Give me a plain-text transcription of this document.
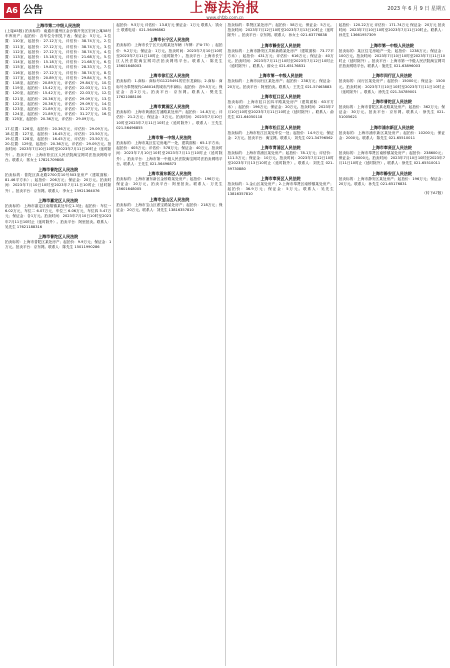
A6 公告	上海法治报
www.shfzb.com.cn
2023 年 6 月 9 日 星期五
上海市第二中级人民法院

(上接A5版) 拍卖标的：南通市通州区金沙镇开发区宏河公寓58号车库房产；起拍价：各车位分别见下表；保证金：5万元。1.位置：110室，起拍价：27.12万元，评估价：38.74万元。2.位置：111室，起拍价：27.12万元，评估价：38.74万元。3.位置：112室，起拍价：27.12万元，评估价：38.74万元。4.位置：113室，起拍价：15.18万元，评估价：21.68万元。5.位置：114室，起拍价：15.18万元，评估价：21.68万元。6.位置：115室，起拍价：19.83万元，评估价：28.33万元。7.位置：116室，起拍价：27.12万元，评估价：38.74万元。8.位置：117室，起拍价：20.89万元，评估价：29.84万元。9.位置：118室，起拍价：20.89万元，评估价：29.84万元。10.位置：119室，起拍价：15.42万元，评估价：22.03万元。11.位置：120室，起拍价：15.42万元，评估价：22.03万元。12.位置：121室，起拍价：20.36万元，评估价：29.09万元。13.位置：122室，起拍价：20.36万元，评估价：29.09万元。14.位置：123室，起拍价：21.89万元，评估价：31.27万元。15.位置：124室，起拍价：21.89万元，评估价：31.27万元。16.位置：125室，起拍价：20.36万元，评估价：29.09万元。

17.位置：126室，起拍价：20.36万元，评估价：29.09万元。18.位置：127室，起拍价：16.45万元，评估价：23.50万元。19.位置：128室，起拍价：16.45万元，评估价：23.50万元。20.位置：129室，起拍价：20.36万元，评估价：29.09万元。拍卖时间：2023年7月10日10时至2023年7月11日10时止（延时除外）。拍卖平台：上海市松江区人民法院淘宝网司法拍卖网络平台。联系人：郭女士 17821709808

上海市普陀区人民法院

拍卖标的：普陀区真北路2700弄10号503室房产（建筑面积：81.46平方米）；起拍价：206万元；保证金：20万元。拍卖时间：2023年7月10日10时至2023年7月11日10时止（延时除外）。拍卖平台：京东网。联系人：李女士 15921364076

上海市嘉定区人民法院

拍卖标的：上海市嘉定区南翔镇某处车位1.3处；起拍价：车位一 6.02万元，车位二 6.07万元，车位三 6.06万元，车位四 5.47万元；保证金：各1万元。拍卖时间：2023年7月10日10时至2023年7月11日10时止（延时除外）。拍卖平台：阿里拍卖。联系人：吴先生 17621188316

上海市普陀区人民法院

拍卖标的：上海市普陀区某处房产；起拍价：9.9万元；保证金：1万元。拍卖平台：京东网。联系人：陈先生 15011990286

起拍价：9.5万元 评估价：13.8万元 保证金：1万元 联系人：钱女士 联系电话：021-56496862

上海市长宁区人民法院

拍卖标的：上海市长宁区天山路某处车辆（车牌：沪A·75）；起拍价：9.2万元；保证金：1万元。拍卖时间：2023年7月10日10时至2023年7月11日10时止（延时除外）。拍卖平台：上海市长宁区人民法院淘宝网司法拍卖网络平台。联系人：陈先生 15601648003

上海市徐汇区人民法院

拍卖标的：1.商标：商标号G1225491的宏东龙商标；2.商标：商标号为奉贤现代CA6014的城市汽车商标；起拍价：各9.5万元；保证金：各2万元。拍卖平台：京东网。联系人：樊先生 17621088106

上海市黄浦区人民法院

拍卖标的：上海市黄浦区打浦路某处房产；起拍价：14.8万元；评估价：21.2万元；保证金：3万元。拍卖时间：2023年7月10日10时至2023年7月11日10时止（延时除外）。联系人：王先生 021-56496855

上海市第一中级人民法院

拍卖标的：上海市某区住宅房地产一处，建筑面积：65.1平方米；起拍价：405万元；评估价：578万元；保证金：40万元。拍卖时间：2023年7月10日10时至2023年7月11日10时止（延时除外）。拍卖平台：上海市第一中级人民法院淘宝网司法拍卖网络平台。联系人：王先生 021-56496873

上海市浦东新区人民法院

拍卖标的：上海市浦东新区金桥路某处房产；起拍价：196万元；保证金：20万元。拍卖平台：阿里拍卖。联系人：万先生 15601648005

上海市宝山区人民法院

拍卖标的：上海市宝山区淞宝路某处房产；起拍价：218万元；保证金：20万元。联系人：刘先生 13816357810

拍卖标的：奉贤区某处房产；起拍价：58万元；保证金：5万元。拍卖时间：2023年7月12日10时至2023年7月13日10时止（延时除外）。拍卖平台：京东网。联系人：孙女士 021-63776838

上海市静安区人民法院

拍卖标的：上海市静安区共和新路某处房产（建筑面积：73.77平方米）；起拍价：431万元；评估价：616万元；保证金：40万元。拍卖时间：2023年7月11日10时至2023年7月12日10时止（延时除外）。联系人：薛女士 021-65176831

上海市第一中级人民法院

拍卖标的：上海市闵行区某处房产；起拍价：238万元；保证金：20万元。拍卖平台：阿里拍卖。联系人：王先生 021-57463883

上海市虹口区人民法院

拍卖标的：上海市虹口区四平路某处房产（建筑面积：63平方米）；起拍价：196万元；保证金：20万元。拍卖时间：2023年7月10日10时至2023年7月11日10时止（延时除外）。联系人：俞先生 021-64050118

上海市松江区人民法院

拍卖标的：上海市松江区某处车位一处；起拍价：14.9万元；保证金：2万元。拍卖平台：淘宝网。联系人：刘先生 021-34796562

上海市青浦区人民法院

拍卖标的：上海市青浦区某处房产；起拍价：78.1万元；评估价：111.5万元；保证金：10万元。拍卖时间：2023年7月12日10时至2023年7月13日10时止（延时除外）。联系人：刘先生 021-59730880

上海市奉贤区人民法院

拍卖标的：1.金山区某处房产；2.上海市奉贤区南桥镇某处房产；起拍价：36.9万元；保证金：5万元。联系人：吴先生 13816357810

起拍价：120.22万元 评估价：171.74万元 保证金：20万元 拍卖时间：2023年7月10日10时至2023年7月11日10时止。联系人：孙先生 13661957309

上海市第一中级人民法院

拍卖标的：某区住宅房地产一处；起拍价：1238万元；保证金：100万元。拍卖时间：2023年7月10日10时至2023年7月11日10时止（延时除外）。拍卖平台：上海市第一中级人民法院淘宝网司法拍卖网络平台。联系人：施先生 021-63896003

上海市闵行区人民法院

拍卖标的：闵行区某处房产；起拍价：15000元；保证金：1500元。拍卖时间：2023年7月10日10时至2023年7月11日10时止（延时除外）。联系人：徐先生 021-34789001

上海市普陀区人民法院

拍卖标的：上海市普陀区真北路某处房产；起拍价：362万元；保证金：30万元。拍卖平台：京东网。联系人：徐先生 021-51005621

上海市浦东新区人民法院

拍卖标的：上海市浦东新区某处房产；起拍价：10200元；保证金：2000元。联系人：陈先生 021-65510011

上海市奉贤区人民法院

拍卖标的：上海市奉贤区南桥镇某处房产；起拍价：238600元；保证金：20000元。拍卖时间：2023年7月10日10时至2023年7月11日10时止（延时除外）。联系人：徐先生 021-65510011

上海市静安区人民法院

拍卖标的：上海市静安区某处房产；起拍价：196万元；保证金：20万元。联系人：孙先生 021-65176831

（转下A7版）
